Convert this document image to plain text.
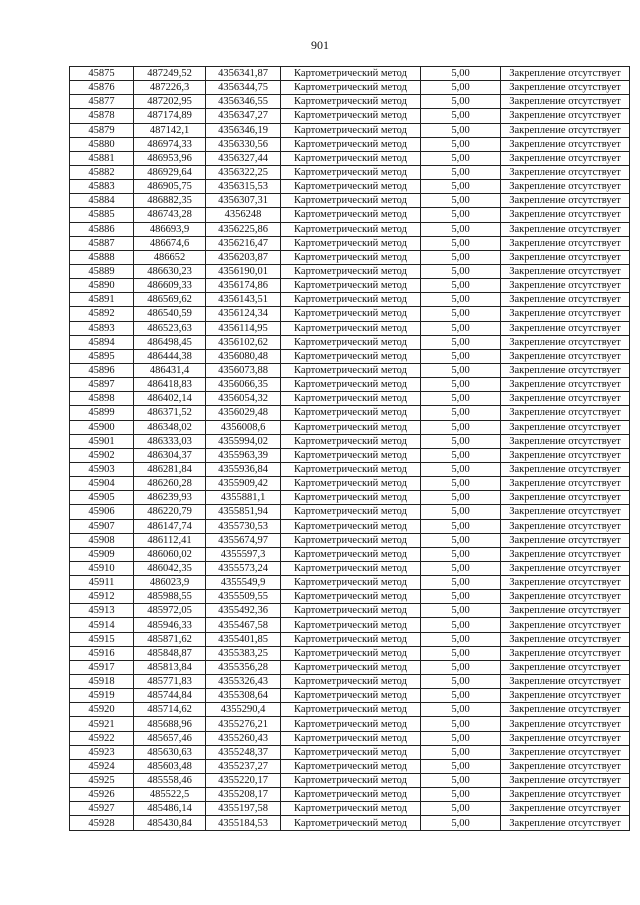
901
45875	487249,52	4356341,87	Картометрический метод	5,00	Закрепление отсутствует
45876	487226,3	4356344,75	Картометрический метод	5,00	Закрепление отсутствует
45877	487202,95	4356346,55	Картометрический метод	5,00	Закрепление отсутствует
45878	487174,89	4356347,27	Картометрический метод	5,00	Закрепление отсутствует
45879	487142,1	4356346,19	Картометрический метод	5,00	Закрепление отсутствует
45880	486974,33	4356330,56	Картометрический метод	5,00	Закрепление отсутствует
45881	486953,96	4356327,44	Картометрический метод	5,00	Закрепление отсутствует
45882	486929,64	4356322,25	Картометрический метод	5,00	Закрепление отсутствует
45883	486905,75	4356315,53	Картометрический метод	5,00	Закрепление отсутствует
45884	486882,35	4356307,31	Картометрический метод	5,00	Закрепление отсутствует
45885	486743,28	4356248	Картометрический метод	5,00	Закрепление отсутствует
45886	486693,9	4356225,86	Картометрический метод	5,00	Закрепление отсутствует
45887	486674,6	4356216,47	Картометрический метод	5,00	Закрепление отсутствует
45888	486652	4356203,87	Картометрический метод	5,00	Закрепление отсутствует
45889	486630,23	4356190,01	Картометрический метод	5,00	Закрепление отсутствует
45890	486609,33	4356174,86	Картометрический метод	5,00	Закрепление отсутствует
45891	486569,62	4356143,51	Картометрический метод	5,00	Закрепление отсутствует
45892	486540,59	4356124,34	Картометрический метод	5,00	Закрепление отсутствует
45893	486523,63	4356114,95	Картометрический метод	5,00	Закрепление отсутствует
45894	486498,45	4356102,62	Картометрический метод	5,00	Закрепление отсутствует
45895	486444,38	4356080,48	Картометрический метод	5,00	Закрепление отсутствует
45896	486431,4	4356073,88	Картометрический метод	5,00	Закрепление отсутствует
45897	486418,83	4356066,35	Картометрический метод	5,00	Закрепление отсутствует
45898	486402,14	4356054,32	Картометрический метод	5,00	Закрепление отсутствует
45899	486371,52	4356029,48	Картометрический метод	5,00	Закрепление отсутствует
45900	486348,02	4356008,6	Картометрический метод	5,00	Закрепление отсутствует
45901	486333,03	4355994,02	Картометрический метод	5,00	Закрепление отсутствует
45902	486304,37	4355963,39	Картометрический метод	5,00	Закрепление отсутствует
45903	486281,84	4355936,84	Картометрический метод	5,00	Закрепление отсутствует
45904	486260,28	4355909,42	Картометрический метод	5,00	Закрепление отсутствует
45905	486239,93	4355881,1	Картометрический метод	5,00	Закрепление отсутствует
45906	486220,79	4355851,94	Картометрический метод	5,00	Закрепление отсутствует
45907	486147,74	4355730,53	Картометрический метод	5,00	Закрепление отсутствует
45908	486112,41	4355674,97	Картометрический метод	5,00	Закрепление отсутствует
45909	486060,02	4355597,3	Картометрический метод	5,00	Закрепление отсутствует
45910	486042,35	4355573,24	Картометрический метод	5,00	Закрепление отсутствует
45911	486023,9	4355549,9	Картометрический метод	5,00	Закрепление отсутствует
45912	485988,55	4355509,55	Картометрический метод	5,00	Закрепление отсутствует
45913	485972,05	4355492,36	Картометрический метод	5,00	Закрепление отсутствует
45914	485946,33	4355467,58	Картометрический метод	5,00	Закрепление отсутствует
45915	485871,62	4355401,85	Картометрический метод	5,00	Закрепление отсутствует
45916	485848,87	4355383,25	Картометрический метод	5,00	Закрепление отсутствует
45917	485813,84	4355356,28	Картометрический метод	5,00	Закрепление отсутствует
45918	485771,83	4355326,43	Картометрический метод	5,00	Закрепление отсутствует
45919	485744,84	4355308,64	Картометрический метод	5,00	Закрепление отсутствует
45920	485714,62	4355290,4	Картометрический метод	5,00	Закрепление отсутствует
45921	485688,96	4355276,21	Картометрический метод	5,00	Закрепление отсутствует
45922	485657,46	4355260,43	Картометрический метод	5,00	Закрепление отсутствует
45923	485630,63	4355248,37	Картометрический метод	5,00	Закрепление отсутствует
45924	485603,48	4355237,27	Картометрический метод	5,00	Закрепление отсутствует
45925	485558,46	4355220,17	Картометрический метод	5,00	Закрепление отсутствует
45926	485522,5	4355208,17	Картометрический метод	5,00	Закрепление отсутствует
45927	485486,14	4355197,58	Картометрический метод	5,00	Закрепление отсутствует
45928	485430,84	4355184,53	Картометрический метод	5,00	Закрепление отсутствует
